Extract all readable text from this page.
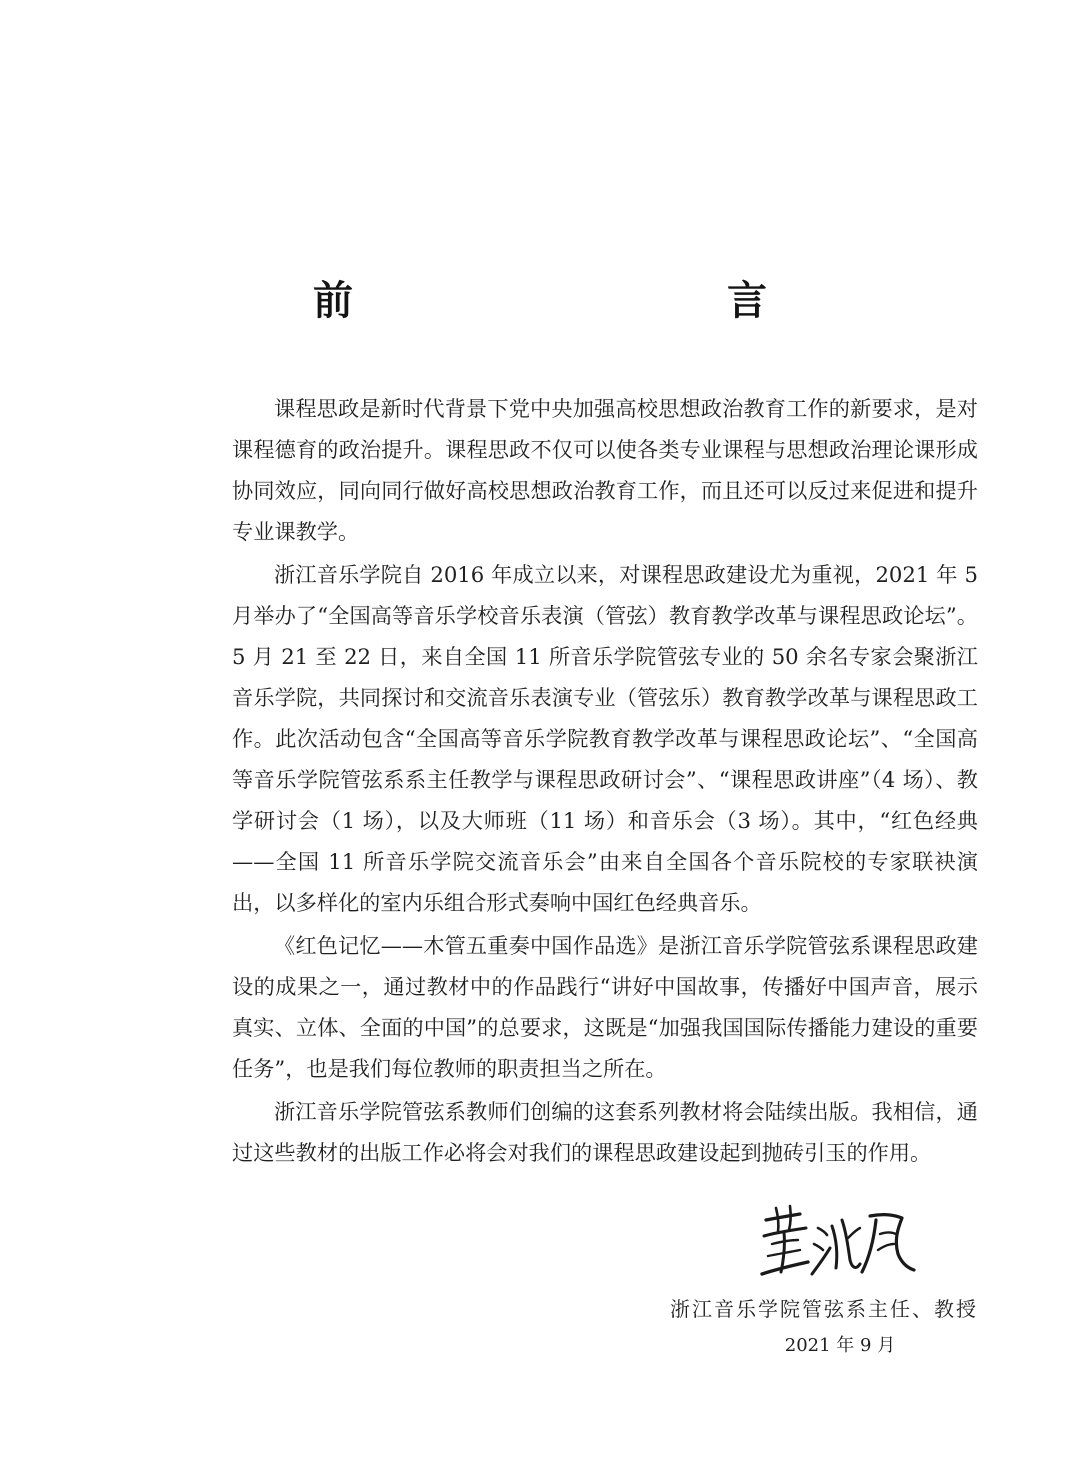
前　　言

课程思政是新时代背景下党中央加强高校思想政治教育工作的新要求，是对课程德育的政治提升。课程思政不仅可以使各类专业课程与思想政治理论课形成协同效应，同向同行做好高校思想政治教育工作，而且还可以反过来促进和提升专业课教学。

浙江音乐学院自 2016 年成立以来，对课程思政建设尤为重视，2021 年 5 月举办了“全国高等音乐学校音乐表演（管弦）教育教学改革与课程思政论坛”。5 月 21 至 22 日，来自全国 11 所音乐学院管弦专业的 50 余名专家会聚浙江音乐学院，共同探讨和交流音乐表演专业（管弦乐）教育教学改革与课程思政工作。此次活动包含“全国高等音乐学院教育教学改革与课程思政论坛”、“全国高等音乐学院管弦系系主任教学与课程思政研讨会”、“课程思政讲座”（4 场）、教学研讨会（1 场），以及大师班（11 场）和音乐会（3 场）。其中，“红色经典——全国 11 所音乐学院交流音乐会”由来自全国各个音乐院校的专家联袂演出，以多样化的室内乐组合形式奏响中国红色经典音乐。

《红色记忆——木管五重奏中国作品选》是浙江音乐学院管弦系课程思政建设的成果之一，通过教材中的作品践行“讲好中国故事，传播好中国声音，展示真实、立体、全面的中国”的总要求，这既是“加强我国国际传播能力建设的重要任务”，也是我们每位教师的职责担当之所在。

浙江音乐学院管弦系教师们创编的这套系列教材将会陆续出版。我相信，通过这些教材的出版工作必将会对我们的课程思政建设起到抛砖引玉的作用。

浙江音乐学院管弦系主任、教授
2021 年 9 月
